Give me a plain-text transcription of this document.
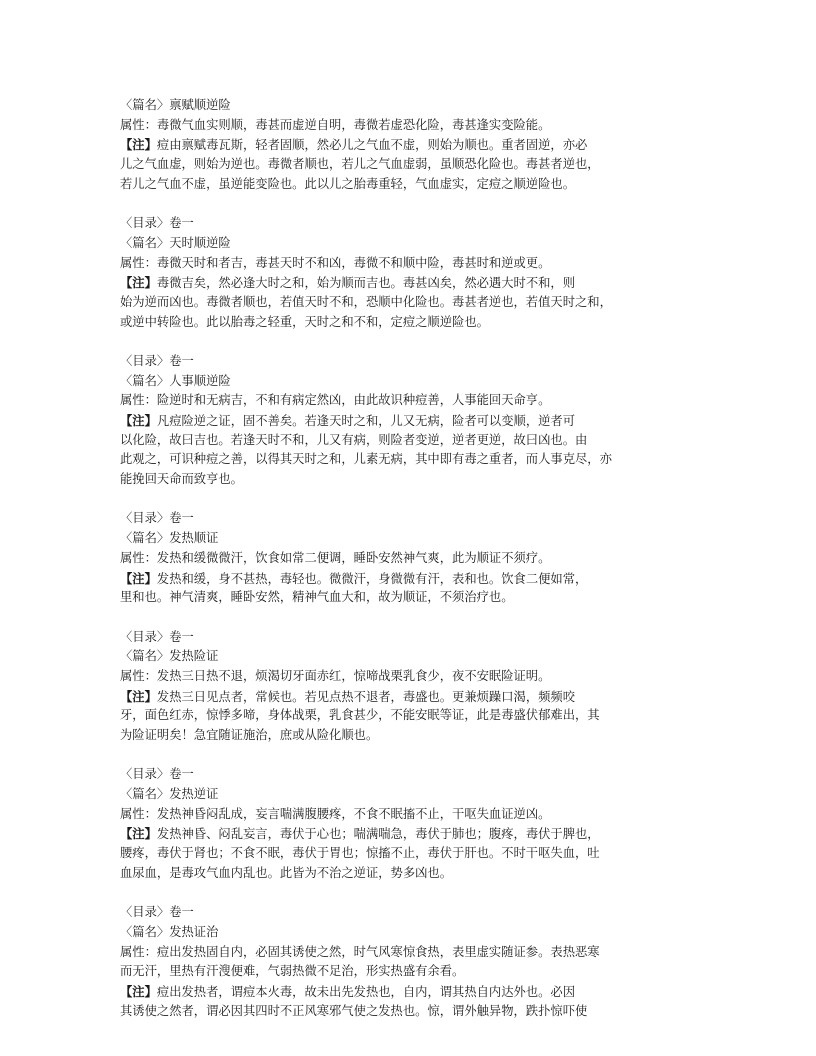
〈篇名〉禀赋顺逆险
属性：毒微气血实则顺，毒甚而虚逆自明，毒微若虚恐化险，毒甚逢实变险能。
【注】痘由禀赋毒瓦斯，轻者固顺，然必儿之气血不虚，则始为顺也。重者固逆，亦必
儿之气血虚，则始为逆也。毒微者顺也，若儿之气血虚弱，虽顺恐化险也。毒甚者逆也，
若儿之气血不虚，虽逆能变险也。此以儿之胎毒重轻，气血虚实，定痘之顺逆险也。
〈目录〉卷一
〈篇名〉天时顺逆险
属性：毒微天时和者吉，毒甚天时不和凶，毒微不和顺中险，毒甚时和逆或更。
【注】毒微吉矣，然必逢大时之和，始为顺而吉也。毒甚凶矣，然必遇大时不和，则
始为逆而凶也。毒微者顺也，若值天时不和，恐顺中化险也。毒甚者逆也，若值天时之和，
或逆中转险也。此以胎毒之轻重，天时之和不和，定痘之顺逆险也。
〈目录〉卷一
〈篇名〉人事顺逆险
属性：险逆时和无病吉，不和有病定然凶，由此故识种痘善，人事能回天命亨。
【注】凡痘险逆之证，固不善矣。若逢天时之和，儿又无病，险者可以变顺，逆者可
以化险，故曰吉也。若逢天时不和，儿又有病，则险者变逆，逆者更逆，故曰凶也。由
此观之，可识种痘之善，以得其天时之和，儿素无病，其中即有毒之重者，而人事克尽，亦
能挽回天命而致亨也。
〈目录〉卷一
〈篇名〉发热顺证
属性：发热和缓微微汗，饮食如常二便调，睡卧安然神气爽，此为顺证不须疗。
【注】发热和缓，身不甚热，毒轻也。微微汗，身微微有汗，表和也。饮食二便如常，
里和也。神气清爽，睡卧安然，精神气血大和，故为顺证，不须治疗也。
〈目录〉卷一
〈篇名〉发热险证
属性：发热三日热不退，烦渴切牙面赤红，惊啼战栗乳食少，夜不安眠险证明。
【注】发热三日见点者，常候也。若见点热不退者，毒盛也。更兼烦躁口渴，频频咬
牙，面色红赤，惊悸多啼，身体战栗，乳食甚少，不能安眠等证，此是毒盛伏郁难出，其
为险证明矣！急宜随证施治，庶或从险化顺也。
〈目录〉卷一
〈篇名〉发热逆证
属性：发热神昏闷乱成，妄言喘满腹腰疼，不食不眠搐不止，干呕失血证逆凶。
【注】发热神昏、闷乱妄言，毒伏于心也；喘满喘急，毒伏于肺也；腹疼，毒伏于脾也，
腰疼，毒伏于肾也；不食不眠，毒伏于胃也；惊搐不止，毒伏于肝也。不时干呕失血，吐
血尿血，是毒攻气血内乱也。此皆为不治之逆证，势多凶也。
〈目录〉卷一
〈篇名〉发热证治
属性：痘出发热固自内，必固其诱使之然，时气风寒惊食热，表里虚实随证参。表热恶寒
而无汗，里热有汗溲便难，气弱热微不足治，形实热盛有余看。
【注】痘出发热者，谓痘本火毒，故未出先发热也，自内，谓其热自内达外也。必因
其诱使之然者，谓必因其四时不正风寒邪气使之发热也。惊，谓外触异物，跌扑惊吓使
